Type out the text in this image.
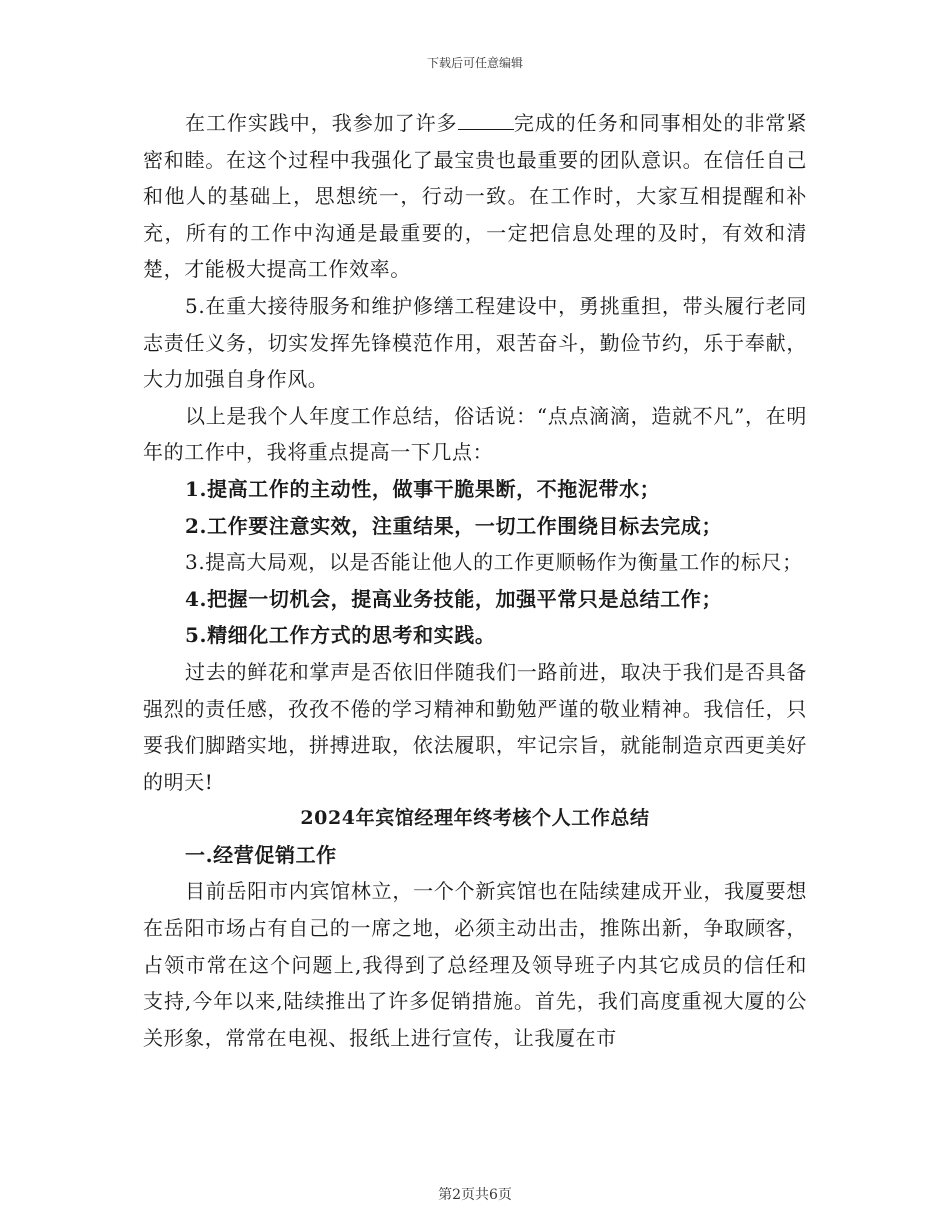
下载后可任意编辑

在工作实践中，我参加了许多	完成的任务和同事相处的非常紧密和睦。在这个过程中我强化了最宝贵也最重要的团队意识。在信任自己和他人的基础上，思想统一，行动一致。在工作时，大家互相提醒和补充，所有的工作中沟通是最重要的，一定把信息处理的及时，有效和清楚，才能极大提高工作效率。

5.在重大接待服务和维护修缮工程建设中，勇挑重担，带头履行老同志责任义务，切实发挥先锋模范作用，艰苦奋斗，勤俭节约，乐于奉献，大力加强自身作风。

以上是我个人年度工作总结，俗话说：“点点滴滴，造就不凡”，在明年的工作中，我将重点提高一下几点：

1.提高工作的主动性，做事干脆果断，不拖泥带水；

2.工作要注意实效，注重结果，一切工作围绕目标去完成；

3.提高大局观，以是否能让他人的工作更顺畅作为衡量工作的标尺；

4.把握一切机会，提高业务技能，加强平常只是总结工作；

5.精细化工作方式的思考和实践。

过去的鲜花和掌声是否依旧伴随我们一路前进，取决于我们是否具备强烈的责任感，孜孜不倦的学习精神和勤勉严谨的敬业精神。我信任，只要我们脚踏实地，拼搏进取，依法履职，牢记宗旨，就能制造京西更美好的明天!

2024年宾馆经理年终考核个人工作总结

一.经营促销工作

目前岳阳市内宾馆林立，一个个新宾馆也在陆续建成开业，我厦要想在岳阳市场占有自己的一席之地，必须主动出击，推陈出新，争取顾客，占领市常在这个问题上,我得到了总经理及领导班子内其它成员的信任和支持,今年以来,陆续推出了许多促销措施。首先，我们高度重视大厦的公关形象，常常在电视、报纸上进行宣传，让我厦在市

第2页共6页
